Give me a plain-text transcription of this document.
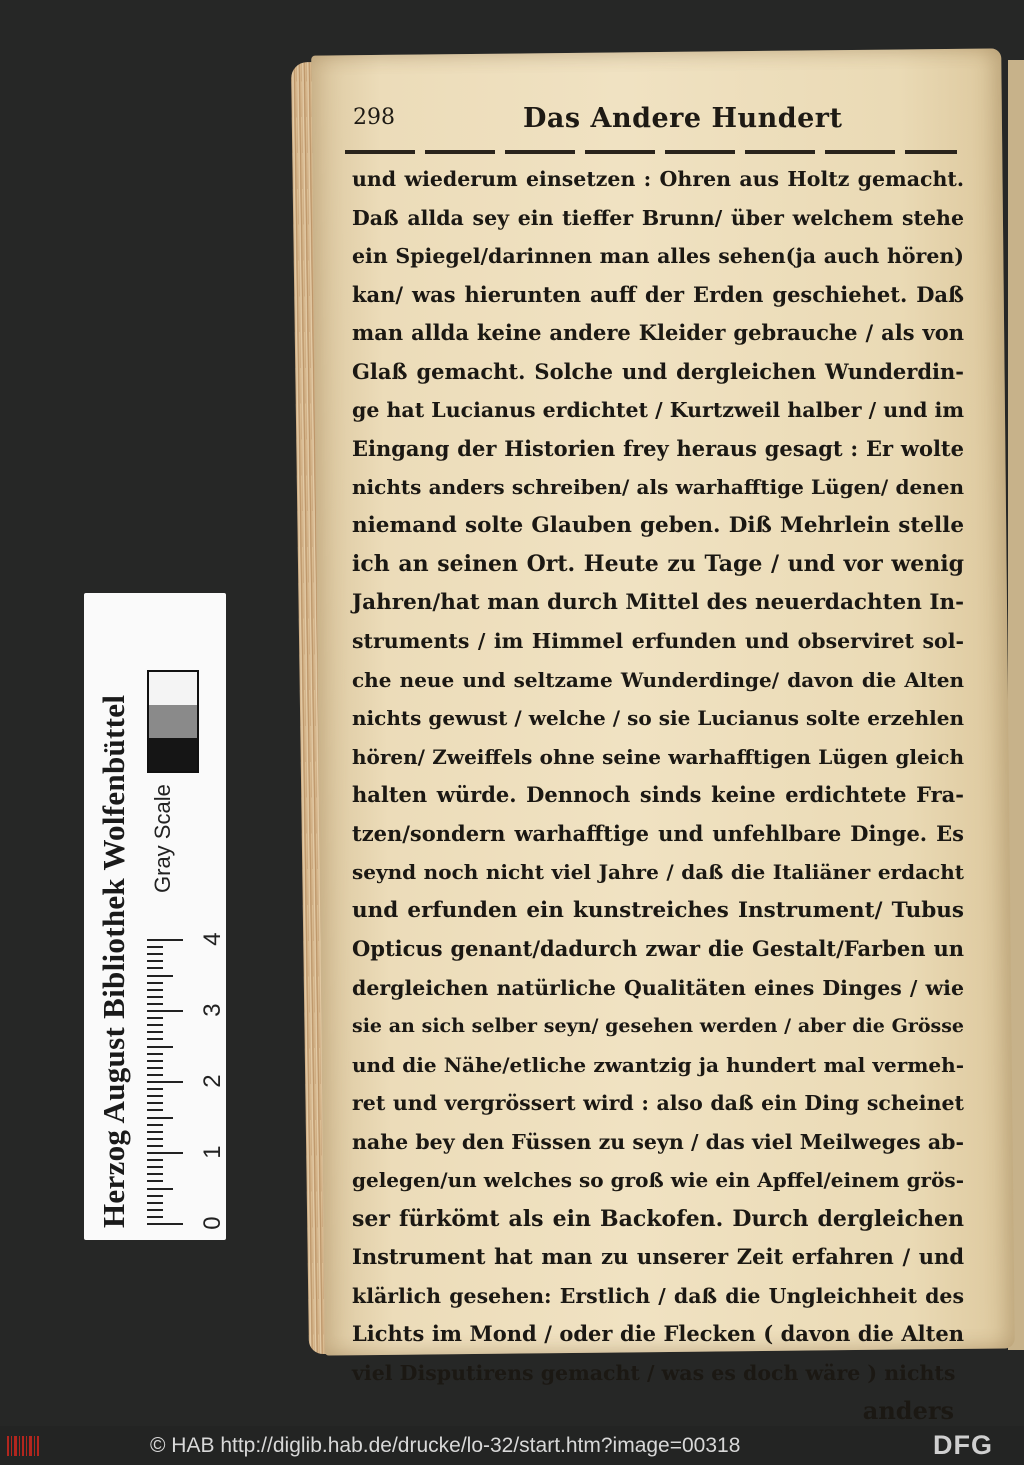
298	Das Andere Hundert
und wiederum einsetzen : Ohren aus Holtz gemacht.
Daß allda sey ein tieffer Brunn/ über welchem stehe
ein Spiegel/darinnen man alles sehen(ja auch hören)
kan/ was hierunten auff der Erden geschiehet. Daß
man allda keine andere Kleider gebrauche / als von
Glaß gemacht. Solche und dergleichen Wunderdin-
ge hat Lucianus erdichtet / Kurtzweil halber / und im
Eingang der Historien frey heraus gesagt : Er wolte
nichts anders schreiben/ als warhafftige Lügen/ denen
niemand solte Glauben geben. Diß Mehrlein stelle
ich an seinen Ort. Heute zu Tage / und vor wenig
Jahren/hat man durch Mittel des neuerdachten In-
struments / im Himmel erfunden und observiret sol-
che neue und seltzame Wunderdinge/ davon die Alten
nichts gewust / welche / so sie Lucianus solte erzehlen
hören/ Zweiffels ohne seine warhafftigen Lügen gleich
halten würde. Dennoch sinds keine erdichtete Fra-
tzen/sondern warhafftige und unfehlbare Dinge. Es
seynd noch nicht viel Jahre / daß die Italiäner erdacht
und erfunden ein kunstreiches Instrument/ Tubus
Opticus genant/dadurch zwar die Gestalt/Farben un
dergleichen natürliche Qualitäten eines Dinges / wie
sie an sich selber seyn/ gesehen werden / aber die Grösse
und die Nähe/etliche zwantzig ja hundert mal vermeh-
ret und vergrössert wird : also daß ein Ding scheinet
nahe bey den Füssen zu seyn / das viel Meilweges ab-
gelegen/un welches so groß wie ein Apffel/einem grös-
ser fürkömt als ein Backofen. Durch dergleichen
Instrument hat man zu unserer Zeit erfahren / und
klärlich gesehen: Erstlich / daß die Ungleichheit des
Lichts im Mond / oder die Flecken ( davon die Alten
viel Disputirens gemacht / was es doch wäre ) nichts
anders
Herzog August Bibliothek Wolfenbüttel Gray Scale
0
1
2
3
4
© HAB http://diglib.hab.de/drucke/lo-32/start.htm?image=00318	DFG
